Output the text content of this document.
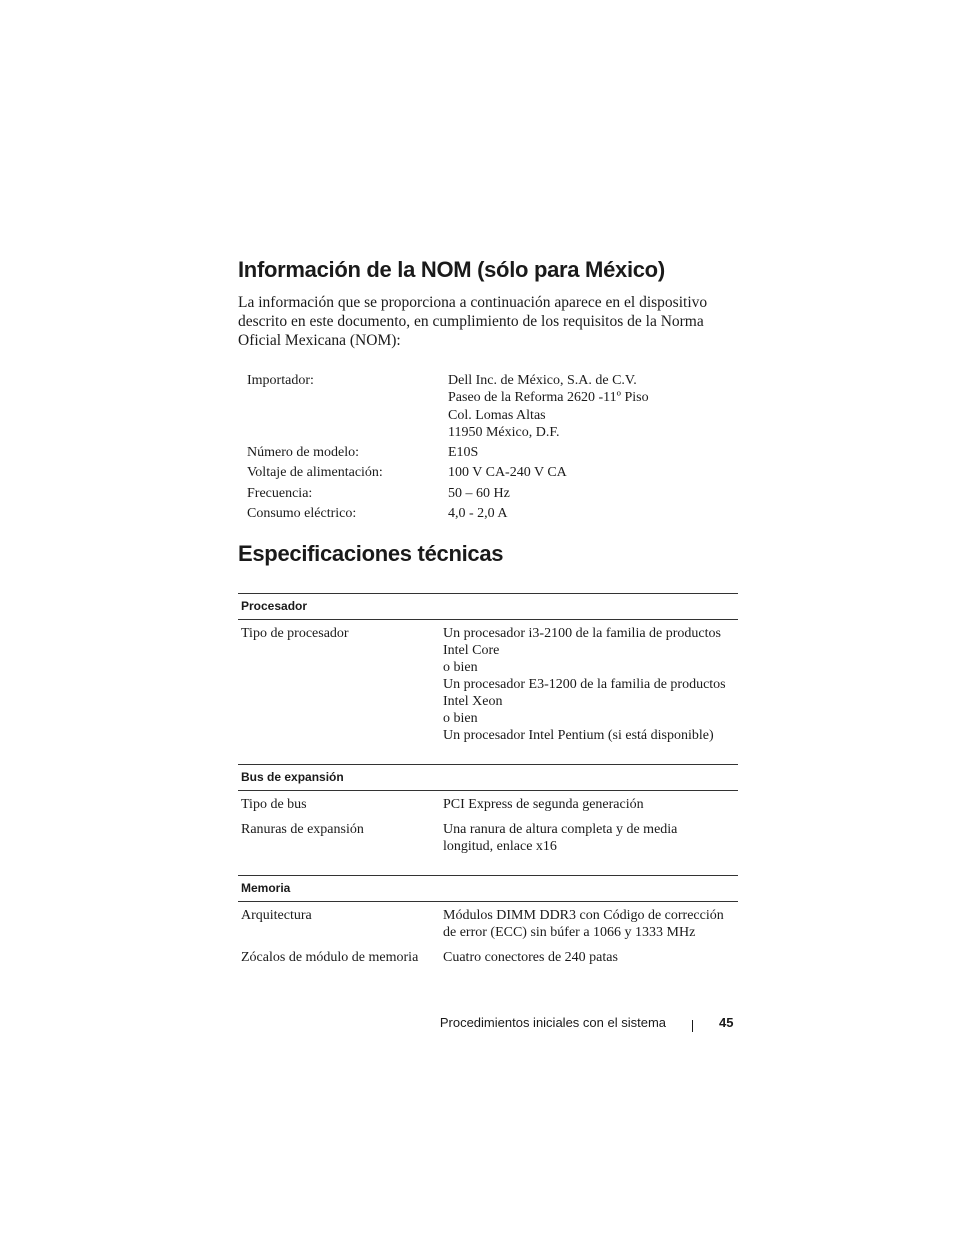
Información de la NOM (sólo para México)

La información que se proporciona a continuación aparece en el dispositivo
descrito en este documento, en cumplimiento de los requisitos de la Norma
Oficial Mexicana (NOM):

Importador:	Dell Inc. de México, S.A. de C.V.
Paseo de la Reforma 2620 -11º Piso
Col. Lomas Altas
11950 México, D.F.
Número de modelo:	E10S
Voltaje de alimentación:	100 V CA-240 V CA
Frecuencia:	50 – 60 Hz
Consumo eléctrico:	4,0 - 2,0 A
Especificaciones técnicas
Procesador
Tipo de procesador	Un procesador i3-2100 de la familia de productos
Intel Core
o bien
Un procesador E3-1200 de la familia de productos
Intel Xeon
o bien
Un procesador Intel Pentium (si está disponible)
Bus de expansión
Tipo de bus	PCI Express de segunda generación
Ranuras de expansión	Una ranura de altura completa y de media
longitud, enlace x16
Memoria
Arquitectura	Módulos DIMM DDR3 con Código de corrección
de error (ECC) sin búfer a 1066 y 1333 MHz
Zócalos de módulo de memoria	Cuatro conectores de 240 patas
Procedimientos iniciales con el sistema	45
